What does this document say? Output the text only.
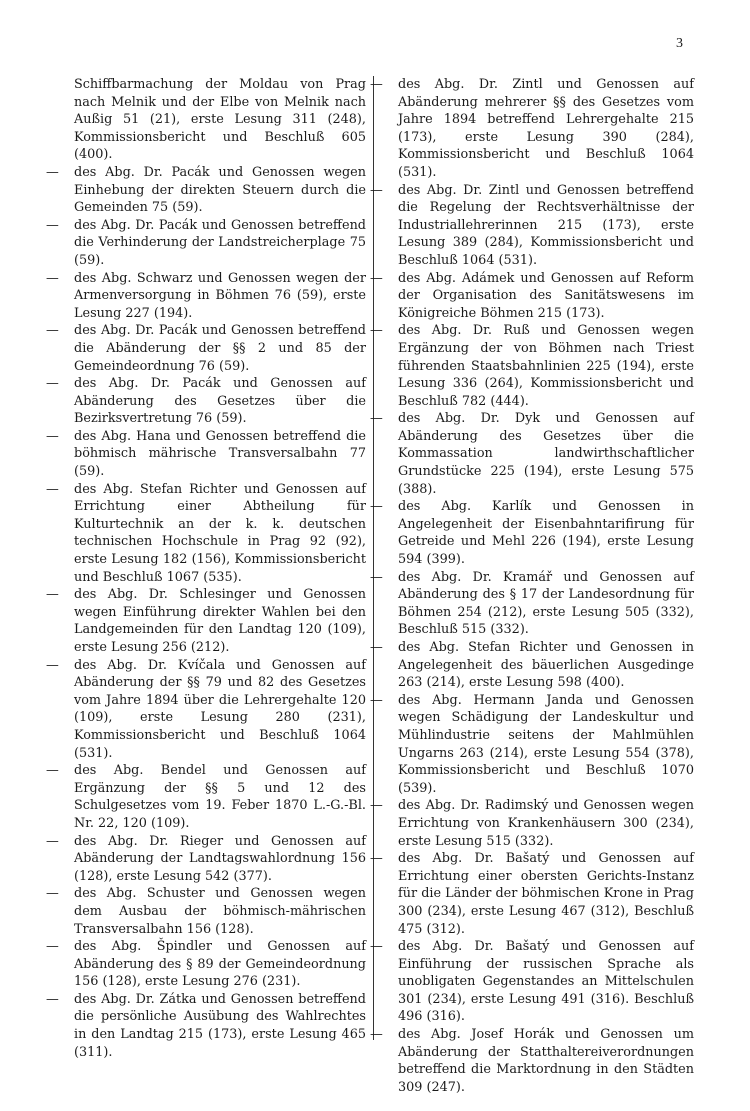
3

Schiffbarmachung der Moldau von Prag nach Melnik und der Elbe von Melnik nach Außig 51 (21), erste Lesung 311 (248), Kommissionsbericht und Beschluß 605 (400).

— des Abg. Dr. Pacák und Genossen wegen Einhebung der direkten Steuern durch die Gemeinden 75 (59).

— des Abg. Dr. Pacák und Genossen betreffend die Verhinderung der Landstreicherplage 75 (59).

— des Abg. Schwarz und Genossen wegen der Armenversorgung in Böhmen 76 (59), erste Lesung 227 (194).

— des Abg. Dr. Pacák und Genossen betreffend die Abänderung der §§ 2 und 85 der Gemeindeordnung 76 (59).

— des Abg. Dr. Pacák und Genossen auf Abänderung des Gesetzes über die Bezirksvertretung 76 (59).

— des Abg. Hana und Genossen betreffend die böhmisch mährische Transversalbahn 77 (59).

— des Abg. Stefan Richter und Genossen auf Errichtung einer Abtheilung für Kulturtechnik an der k. k. deutschen technischen Hochschule in Prag 92 (92), erste Lesung 182 (156), Kommissionsbericht und Beschluß 1067 (535).

— des Abg. Dr. Schlesinger und Genossen wegen Einführung direkter Wahlen bei den Landgemeinden für den Landtag 120 (109), erste Lesung 256 (212).

— des Abg. Dr. Kvíčala und Genossen auf Abänderung der §§ 79 und 82 des Gesetzes vom Jahre 1894 über die Lehrergehalte 120 (109), erste Lesung 280 (231), Kommissionsbericht und Beschluß 1064 (531).

— des Abg. Bendel und Genossen auf Ergänzung der §§ 5 und 12 des Schulgesetzes vom 19. Feber 1870 L.-G.-Bl. Nr. 22, 120 (109).

— des Abg. Dr. Rieger und Genossen auf Abänderung der Landtagswahlordnung 156 (128), erste Lesung 542 (377).

— des Abg. Schuster und Genossen wegen dem Ausbau der böhmisch-mährischen Transversalbahn 156 (128).

— des Abg. Špindler und Genossen auf Abänderung des § 89 der Gemeindeordnung 156 (128), erste Lesung 276 (231).

— des Abg. Dr. Zátka und Genossen betreffend die persönliche Ausübung des Wahlrechtes in den Landtag 215 (173), erste Lesung 465 (311).

— des Abg. Dr. Zintl und Genossen auf Abänderung mehrerer §§ des Gesetzes vom Jahre 1894 betreffend Lehrergehalte 215 (173), erste Lesung 390 (284), Kommissionsbericht und Beschluß 1064 (531).

— des Abg. Dr. Zintl und Genossen betreffend die Regelung der Rechtsverhältnisse der Industriallehrerinnen 215 (173), erste Lesung 389 (284), Kommissionsbericht und Beschluß 1064 (531).

— des Abg. Adámek und Genossen auf Reform der Organisation des Sanitätswesens im Königreiche Böhmen 215 (173).

— des Abg. Dr. Ruß und Genossen wegen Ergänzung der von Böhmen nach Triest führenden Staatsbahnlinien 225 (194), erste Lesung 336 (264), Kommissionsbericht und Beschluß 782 (444).

— des Abg. Dr. Dyk und Genossen auf Abänderung des Gesetzes über die Kommassation landwirthschaftlicher Grundstücke 225 (194), erste Lesung 575 (388).

— des Abg. Karlík und Genossen in Angelegenheit der Eisenbahntarifirung für Getreide und Mehl 226 (194), erste Lesung 594 (399).

— des Abg. Dr. Kramář und Genossen auf Abänderung des § 17 der Landesordnung für Böhmen 254 (212), erste Lesung 505 (332), Beschluß 515 (332).

— des Abg. Stefan Richter und Genossen in Angelegenheit des bäuerlichen Ausgedinge 263 (214), erste Lesung 598 (400).

— des Abg. Hermann Janda und Genossen wegen Schädigung der Landeskultur und Mühlindustrie seitens der Mahlmühlen Ungarns 263 (214), erste Lesung 554 (378), Kommissionsbericht und Beschluß 1070 (539).

— des Abg. Dr. Radimský und Genossen wegen Errichtung von Krankenhäusern 300 (234), erste Lesung 515 (332).

— des Abg. Dr. Bašatý und Genossen auf Errichtung einer obersten Gerichts-Instanz für die Länder der böhmischen Krone in Prag 300 (234), erste Lesung 467 (312), Beschluß 475 (312).

— des Abg. Dr. Bašatý und Genossen auf Einführung der russischen Sprache als unobligaten Gegenstandes an Mittelschulen 301 (234), erste Lesung 491 (316). Beschluß 496 (316).

— des Abg. Josef Horák und Genossen um Abänderung der Statthaltereiverordnungen betreffend die Marktordnung in den Städten 309 (247).
